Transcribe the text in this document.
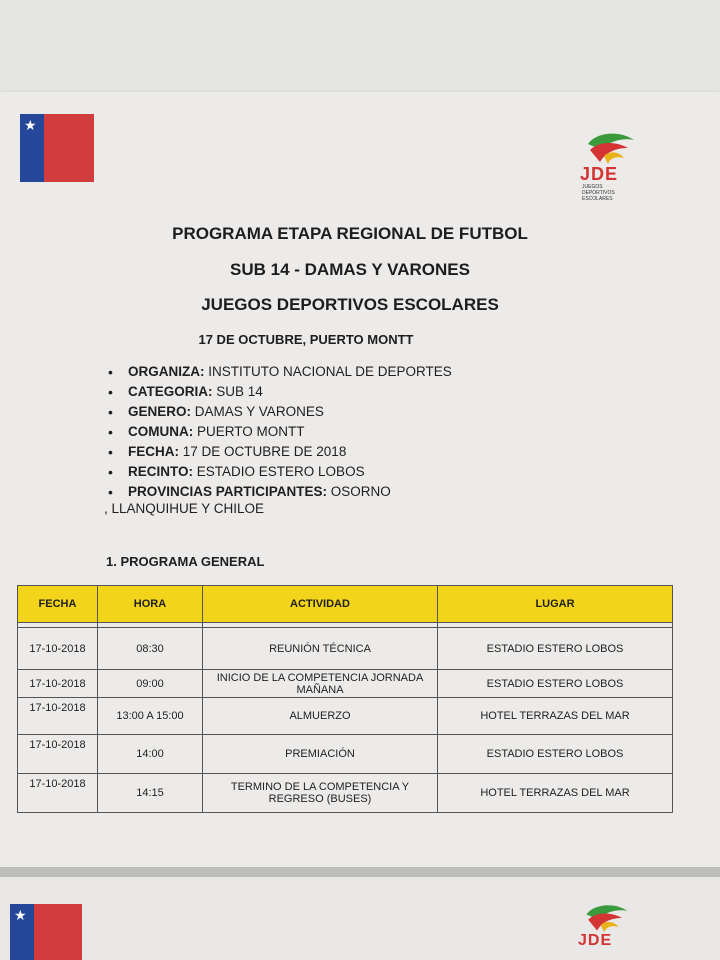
★
JDE
JUEGOS DEPORTIVOS ESCOLARES
PROGRAMA ETAPA REGIONAL DE FUTBOL
SUB 14 - DAMAS Y VARONES
JUEGOS DEPORTIVOS ESCOLARES
17 DE OCTUBRE, PUERTO MONTT
• ORGANIZA: INSTITUTO NACIONAL DE DEPORTES
• CATEGORIA: SUB 14
• GENERO: DAMAS Y VARONES
• COMUNA: PUERTO MONTT
• FECHA: 17 DE OCTUBRE DE 2018
• RECINTO: ESTADIO ESTERO LOBOS
• PROVINCIAS PARTICIPANTES: OSORNO
, LLANQUIHUE Y CHILOE
1. PROGRAMA GENERAL
FECHA	HORA	ACTIVIDAD	LUGAR

17-10-2018	08:30	REUNIÓN TÉCNICA	ESTADIO ESTERO LOBOS
17-10-2018	09:00	INICIO DE LA COMPETENCIA JORNADA MAÑANA	ESTADIO ESTERO LOBOS
17-10-2018	13:00 A 15:00	ALMUERZO	HOTEL TERRAZAS DEL MAR
17-10-2018	14:00	PREMIACIÓN	ESTADIO ESTERO LOBOS
17-10-2018	14:15	TERMINO DE LA COMPETENCIA Y REGRESO (BUSES)	HOTEL TERRAZAS DEL MAR
★
JDE
